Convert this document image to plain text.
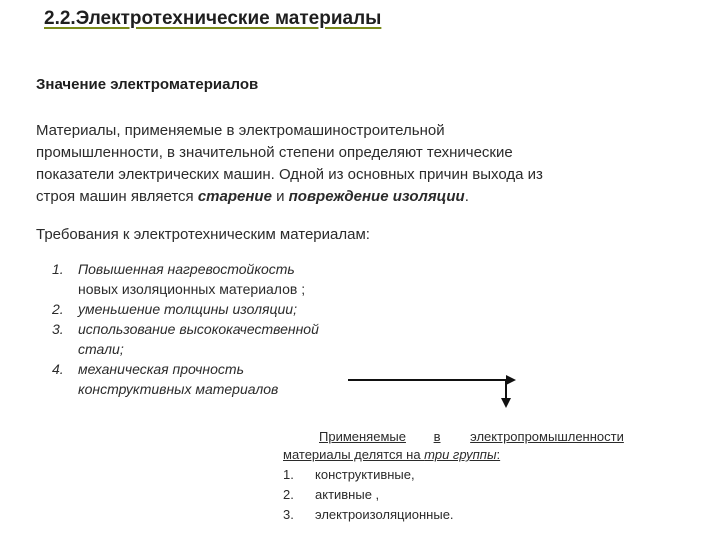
2.2.Электротехнические материалы
Значение электроматериалов
Материалы, применяемые в электромашиностроительной
промышленности, в значительной степени определяют технические
показатели электрических машин. Одной из основных причин выхода из
строя машин является старение и повреждение изоляции.
Требования к электротехническим материалам:
1. Повышенная нагревостойкость
новых изоляционных материалов ;
2. уменьшение толщины изоляции;
3. использование высококачественной
стали;
4. механическая прочность
конструктивных материалов
Применяемые в электропромышленности
материалы делятся на три группы:
1. конструктивные,
2. активные ,
3. электроизоляционные.
